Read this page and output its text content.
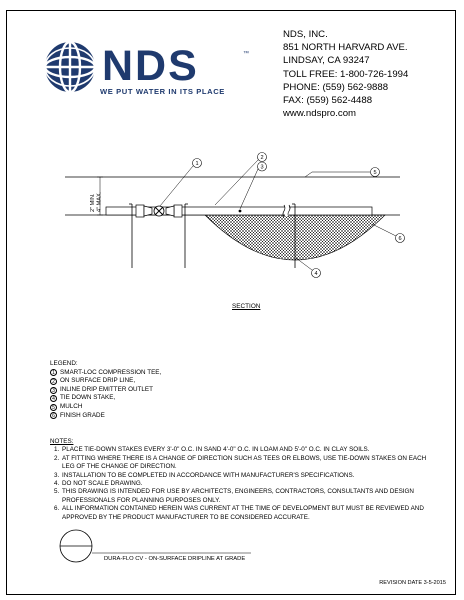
NDS	™
WE PUT WATER IN ITS PLACE
NDS, INC.
851 NORTH HARVARD AVE.
LINDSAY, CA 93247
TOLL FREE: 1-800-726-1994
PHONE: (559) 562-9888
FAX: (559) 562-4488
www.ndspro.com
2" MIN. 4" MAX.
1
2
3
4
5
6
SECTION
LEGEND:
1 SMART-LOC COMPRESSION TEE,
2 ON SURFACE DRIP LINE,
3 INLINE DRIP EMITTER OUTLET
4 TIE DOWN STAKE,
5 MULCH
6 FINISH GRADE
NOTES:
1. PLACE TIE-DOWN STAKES EVERY 3'-0" O.C. IN SAND 4'-0" O.C. IN LOAM AND 5'-0" O.C. IN CLAY SOILS.
2. AT FITTING WHERE THERE IS A CHANGE OF DIRECTION SUCH AS TEES OR ELBOWS, USE TIE-DOWN STAKES ON EACH LEG OF THE CHANGE OF DIRECTION.
3. INSTALLATION TO BE COMPLETED IN ACCORDANCE WITH MANUFACTURER'S SPECIFICATIONS.
4. DO NOT SCALE DRAWING.
5. THIS DRAWING IS INTENDED FOR USE BY ARCHITECTS, ENGINEERS, CONTRACTORS, CONSULTANTS AND DESIGN PROFESSIONALS FOR PLANNING PURPOSES ONLY.
6. ALL INFORMATION CONTAINED HEREIN WAS CURRENT AT THE TIME OF DEVELOPMENT BUT MUST BE REVIEWED AND APPROVED BY THE PRODUCT MANUFACTURER TO BE CONSIDERED ACCURATE.
DURA-FLO CV - ON-SURFACE DRIPLINE AT GRADE
REVISION DATE 3-5-2015
